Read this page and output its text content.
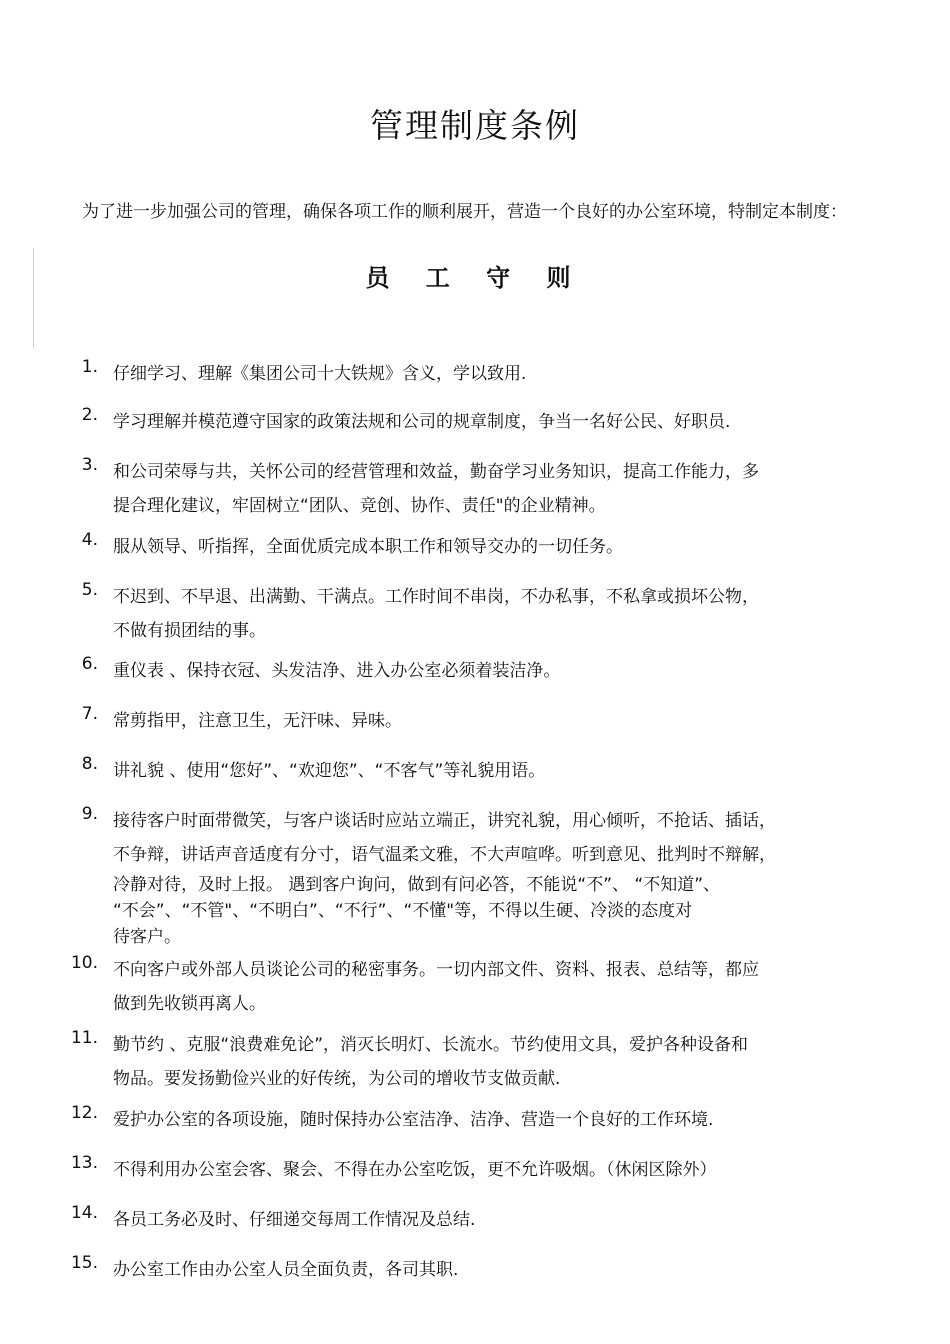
管理制度条例
为了进一步加强公司的管理，确保各项工作的顺利展开，营造一个良好的办公室环境，特制定本制度：
员 工 守 则
1. 仔细学习、理解《集团公司十大铁规》含义，学以致用.
2. 学习理解并模范遵守国家的政策法规和公司的规章制度，争当一名好公民、好职员.
3. 和公司荣辱与共，关怀公司的经营管理和效益，勤奋学习业务知识，提高工作能力，多
提合理化建议，牢固树立“团队、竞创、协作、责任"的企业精神。
4. 服从领导、听指挥，全面优质完成本职工作和领导交办的一切任务。
5. 不迟到、不早退、出满勤、干满点。工作时间不串岗，不办私事，不私拿或损坏公物，
不做有损团结的事。
6. 重仪表 、保持衣冠、头发洁净、进入办公室必须着装洁净。
7. 常剪指甲，注意卫生，无汗味、异味。
8. 讲礼貌 、使用“您好”、“欢迎您”、“不客气”等礼貌用语。
9. 接待客户时面带微笑，与客户谈话时应站立端正，讲究礼貌，用心倾听，不抢话、插话，
不争辩，讲话声音适度有分寸，语气温柔文雅，不大声喧哗。听到意见、批判时不辩解，
冷静对待，及时上报。 遇到客户询问，做到有问必答，不能说“不”、 “不知道”、
“不会”、“不管"、“不明白”、“不行”、“不懂"等，不得以生硬、冷淡的态度对
待客户。
10. 不向客户或外部人员谈论公司的秘密事务。一切内部文件、资料、报表、总结等，都应
做到先收锁再离人。
11. 勤节约 、克服“浪费难免论”，消灭长明灯、长流水。节约使用文具，爱护各种设备和
物品。要发扬勤俭兴业的好传统，为公司的增收节支做贡献.
12. 爱护办公室的各项设施，随时保持办公室洁净、洁净、营造一个良好的工作环境.
13. 不得利用办公室会客、聚会、不得在办公室吃饭，更不允许吸烟。（休闲区除外）
14. 各员工务必及时、仔细递交每周工作情况及总结.
15. 办公室工作由办公室人员全面负责，各司其职.
